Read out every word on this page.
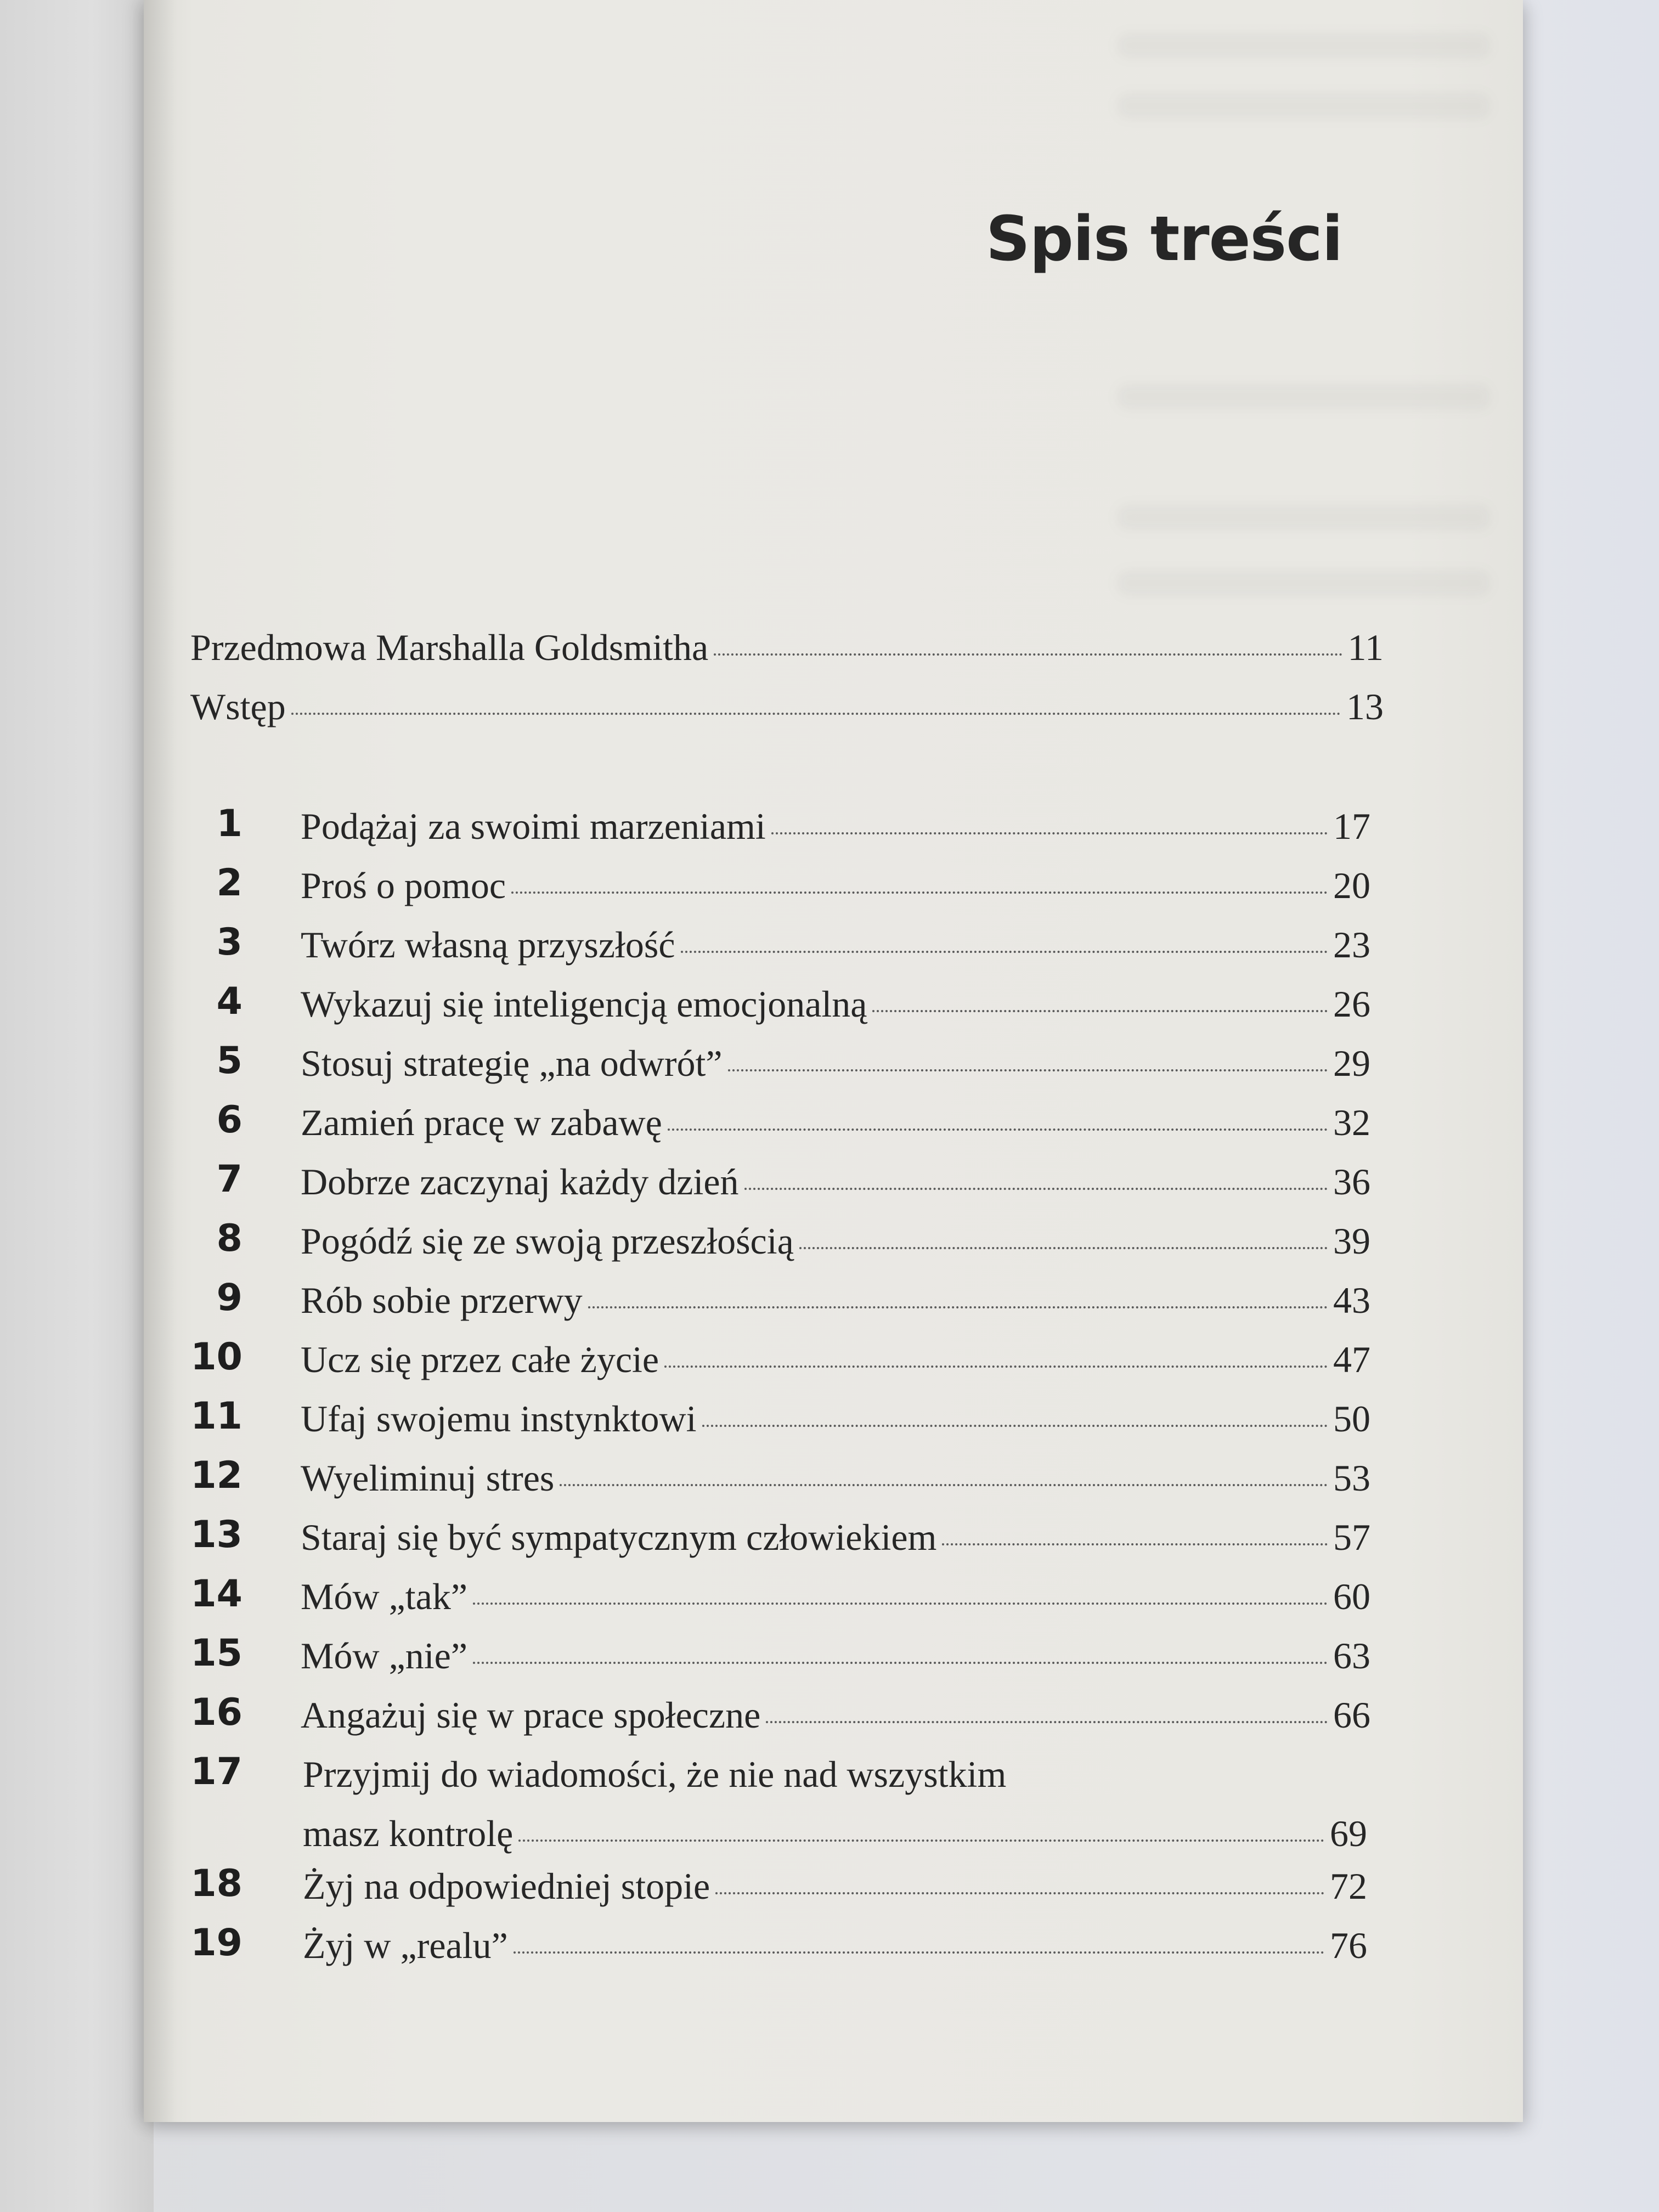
Spis treści
Przedmowa Marshalla Goldsmitha	11
Wstęp	13
1 Podążaj za swoimi marzeniami	17
2 Proś o pomoc	20
3 Twórz własną przyszłość	23
4 Wykazuj się inteligencją emocjonalną	26
5 Stosuj strategię „na odwrót”	29
6 Zamień pracę w zabawę	32
7 Dobrze zaczynaj każdy dzień	36
8 Pogódź się ze swoją przeszłością	39
9 Rób sobie przerwy	43
10 Ucz się przez całe życie	47
11 Ufaj swojemu instynktowi	50
12 Wyeliminuj stres	53
13 Staraj się być sympatycznym człowiekiem	57
14 Mów „tak”	60
15 Mów „nie”	63
16 Angażuj się w prace społeczne	66
17 Przyjmij do wiadomości, że nie nad wszystkim
masz kontrolę	69
18 Żyj na odpowiedniej stopie	72
19 Żyj w „realu”	76
